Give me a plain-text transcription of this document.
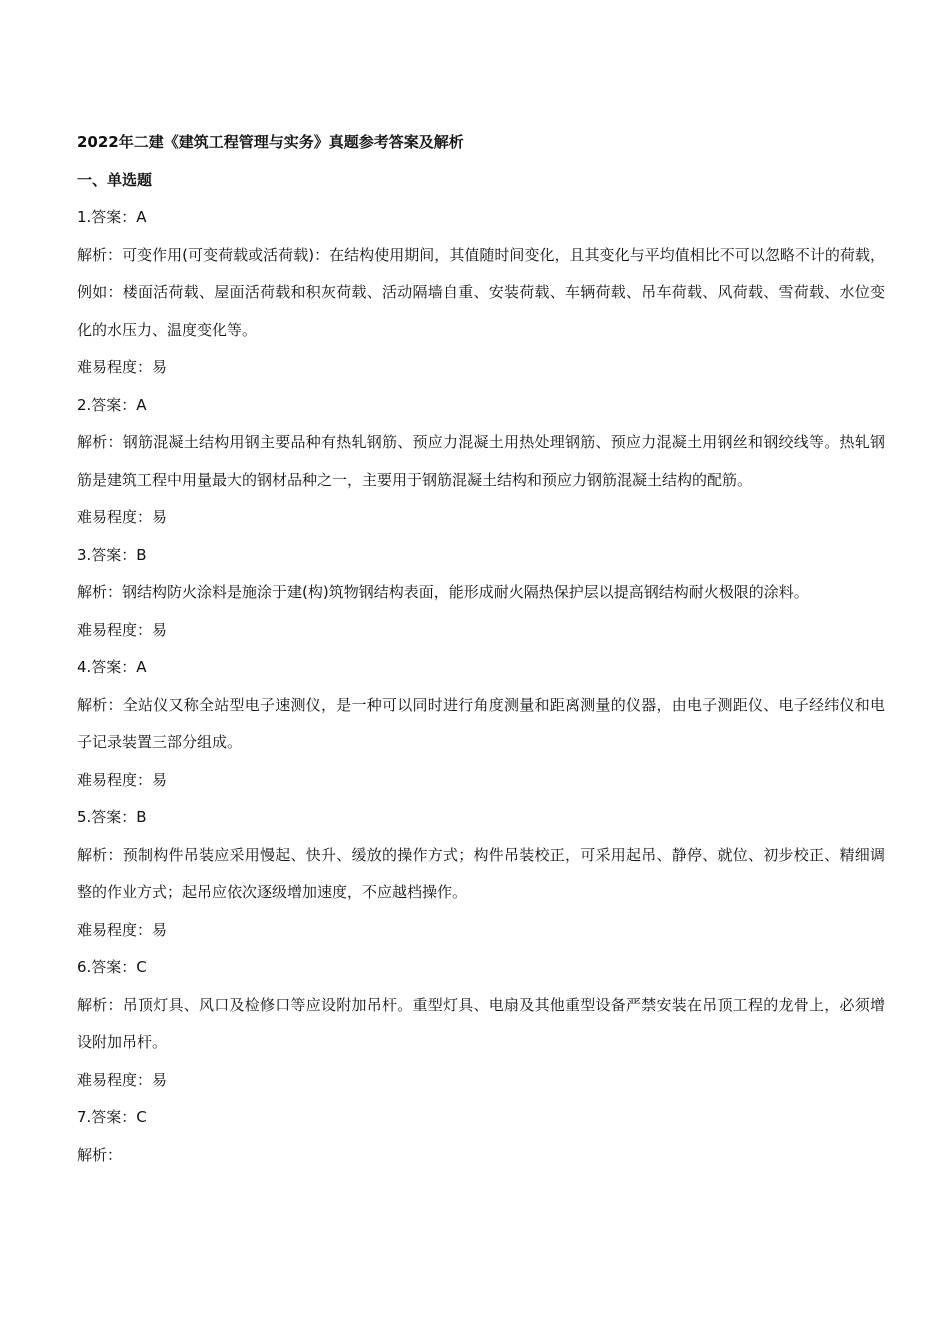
2022年二建《建筑工程管理与实务》真题参考答案及解析
一、单选题
1.答案：A
解析：可变作用(可变荷载或活荷载)：在结构使用期间，其值随时间变化，且其变化与平均值相比不可以忽略不计的荷载，例如：楼面活荷载、屋面活荷载和积灰荷载、活动隔墙自重、安装荷载、车辆荷载、吊车荷载、风荷载、雪荷载、水位变化的水压力、温度变化等。
难易程度：易
2.答案：A
解析：钢筋混凝土结构用钢主要品种有热轧钢筋、预应力混凝土用热处理钢筋、预应力混凝土用钢丝和钢绞线等。热轧钢筋是建筑工程中用量最大的钢材品种之一，主要用于钢筋混凝土结构和预应力钢筋混凝土结构的配筋。
难易程度：易
3.答案：B
解析：钢结构防火涂料是施涂于建(构)筑物钢结构表面，能形成耐火隔热保护层以提高钢结构耐火极限的涂料。
难易程度：易
4.答案：A
解析：全站仪又称全站型电子速测仪，是一种可以同时进行角度测量和距离测量的仪器，由电子测距仪、电子经纬仪和电子记录装置三部分组成。
难易程度：易
5.答案：B
解析：预制构件吊装应采用慢起、快升、缓放的操作方式；构件吊装校正，可采用起吊、静停、就位、初步校正、精细调整的作业方式；起吊应依次逐级增加速度，不应越档操作。
难易程度：易
6.答案：C
解析：吊顶灯具、风口及检修口等应设附加吊杆。重型灯具、电扇及其他重型设备严禁安装在吊顶工程的龙骨上，必须增设附加吊杆。
难易程度：易
7.答案：C
解析：
